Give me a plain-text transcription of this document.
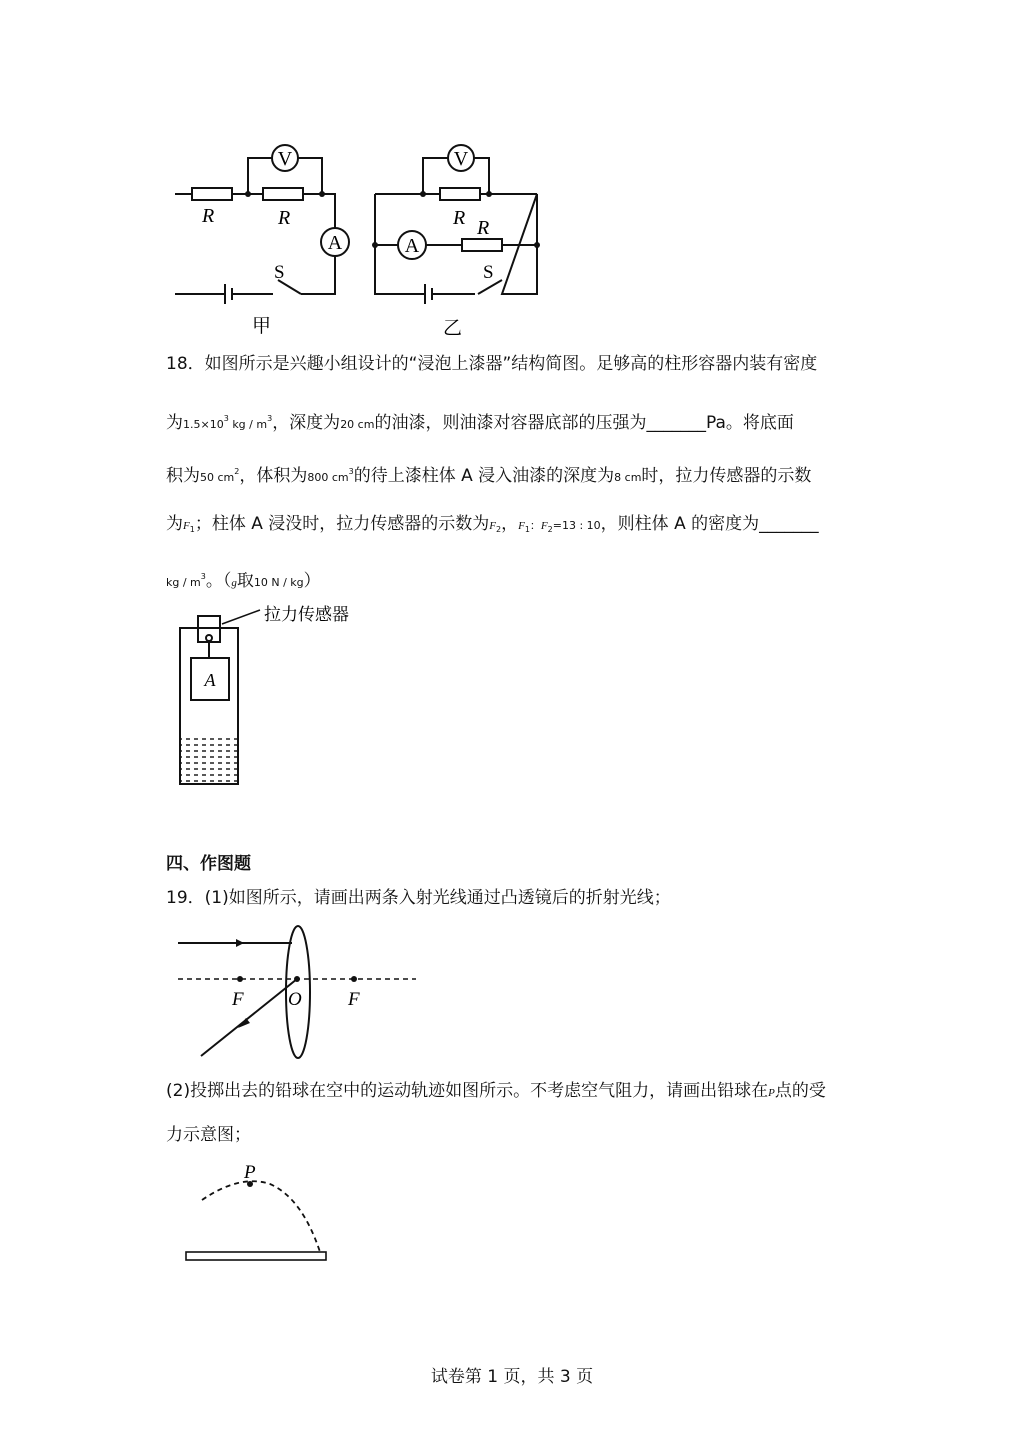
V
A
R	R
S
甲
V
A
R R
S
乙
18．如图所示是兴趣小组设计的“浸泡上漆器”结构简图。足够高的柱形容器内装有密度
为$1.5\times 10^3$ kg / $m^3$，深度为20 cm的油漆，则油漆对容器底部的压强为_______Pa。将底面
积为50 $cm^2$，体积为800 $cm^3$的待上漆柱体 A 浸入油漆的深度为8 cm时，拉力传感器的示数
为$F_1$；柱体 A 浸没时，拉力传感器的示数为$F_2$，$F_1$：$F_2=13$ : 10，则柱体 A 的密度为_______
kg / $m^3$。（g取10 N / kg）
拉力传感器
A
四、作图题
19．(1)如图所示，请画出两条入射光线通过凸透镜后的折射光线；
F O F
(2)投掷出去的铅球在空中的运动轨迹如图所示。不考虑空气阻力，请画出铅球在P点的受
力示意图；
P
试卷第 1 页，共 3 页
